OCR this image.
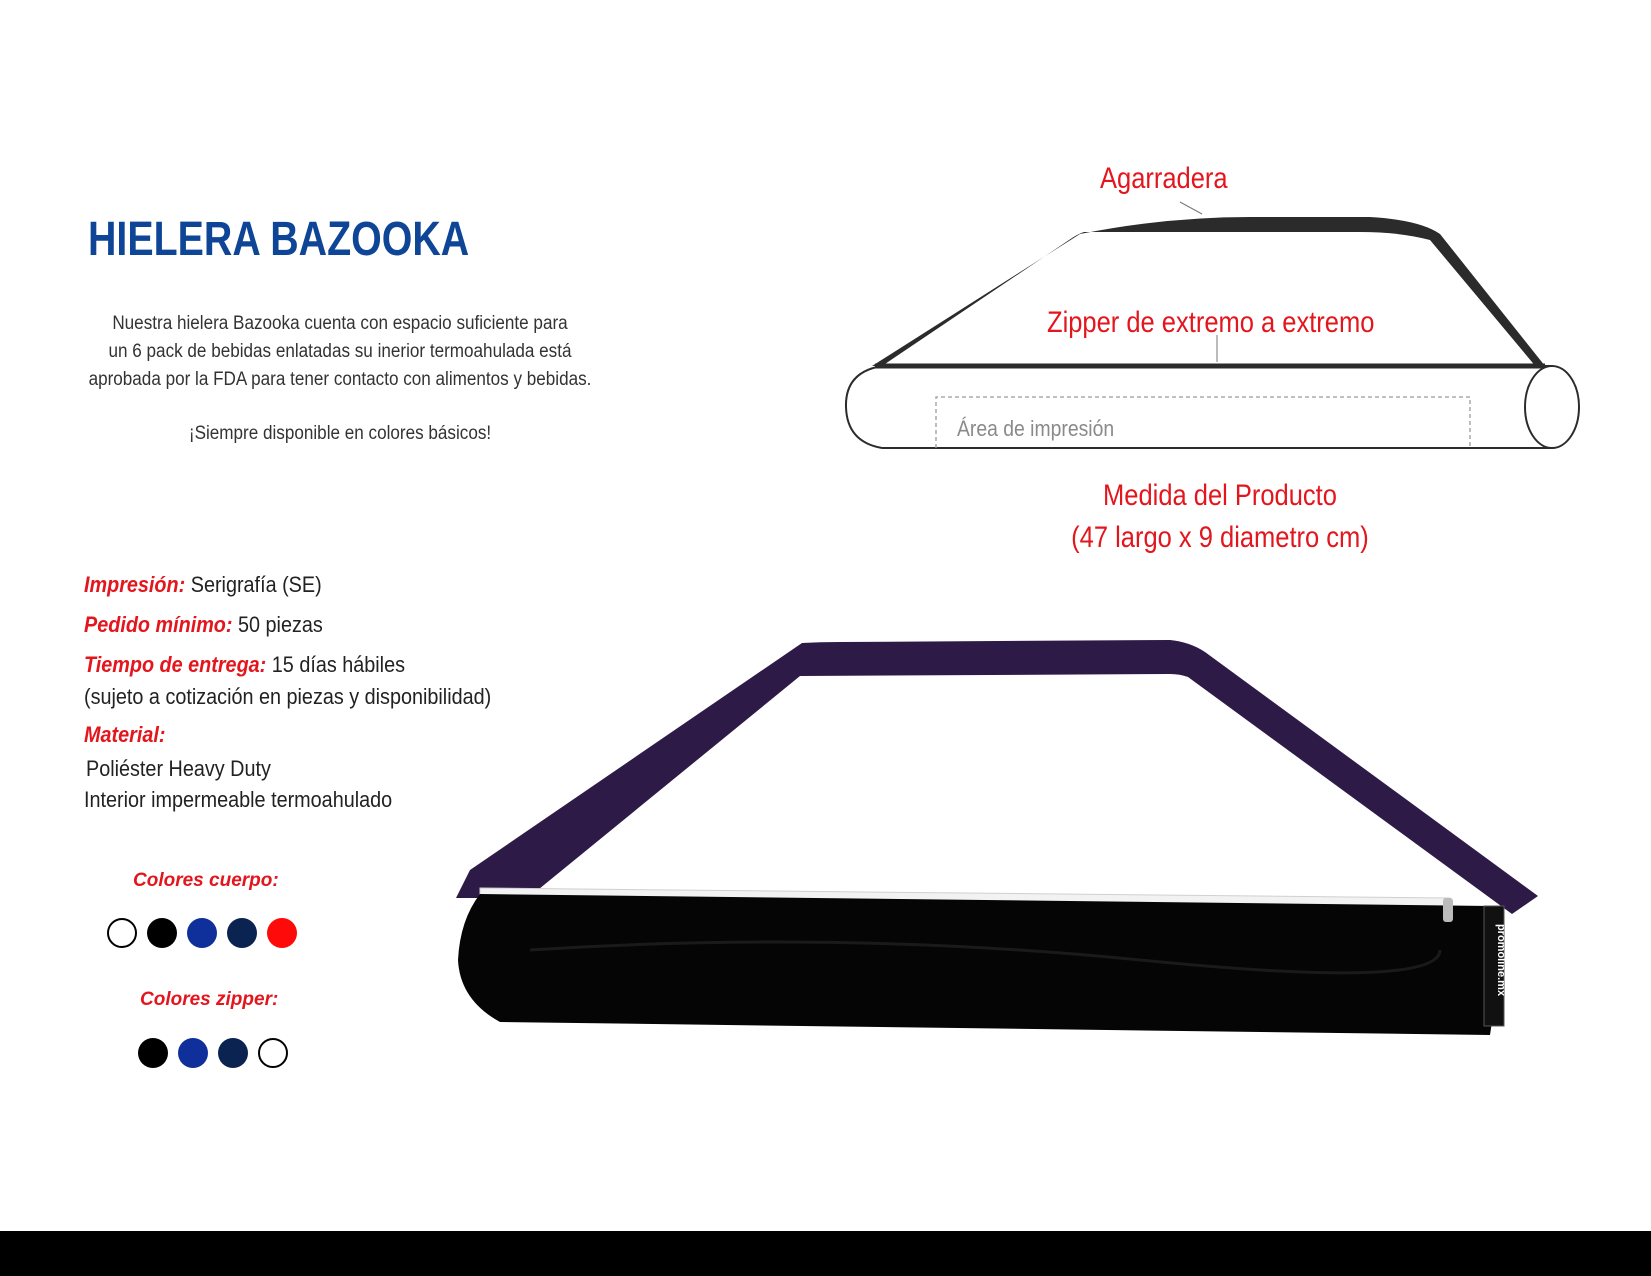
HIELERA BAZOOKA

Nuestra hielera Bazooka cuenta con espacio suficiente para

un 6 pack de bebidas enlatadas su inerior termoahulada está

aprobada por la FDA para tener contacto con alimentos y bebidas.

¡Siempre disponible en colores básicos!

Impresión: Serigrafía (SE)
Pedido mínimo: 50 piezas
Tiempo de entrega: 15 días hábiles
(sujeto a cotización en piezas y disponibilidad)
Material:
Poliéster Heavy Duty
Interior impermeable termoahulado
Colores cuerpo:
Colores zipper:
Agarradera
Zipper de extremo a extremo
Área de impresión
Medida del Producto
(47 largo x 9 diametro cm)
promoline.mx
